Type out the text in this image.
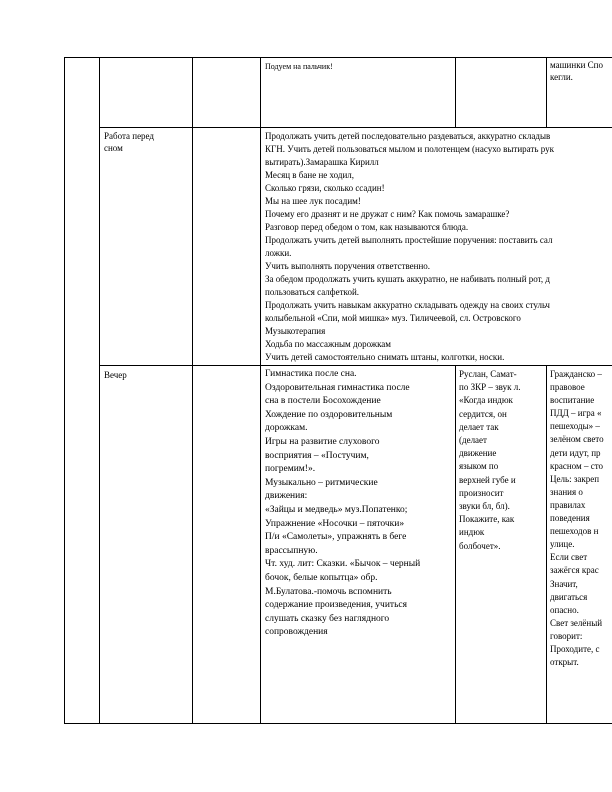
Подуем на пальчик!	машинки Спо
кегли.
Работа перед
сном
Продолжать учить детей последовательно раздеваться, аккуратно складыв
КГН. Учить детей пользоваться мылом и полотенцем (насухо вытирать рук
вытирать).Замарашка Кирилл
Месяц в бане не ходил,
Сколько грязи, сколько ссадин!
Мы на шее лук посадим!
Почему его дразнят и не дружат с ним? Как помочь замарашке?
Разговор перед обедом о том, как называются блюда.
Продолжать учить детей выполнять простейшие поручения: поставить сал
ложки.
Учить выполнять поручения ответственно.
За обедом продолжать учить кушать аккуратно, не набивать полный рот, д
пользоваться салфеткой.
Продолжать учить навыкам аккуратно складывать одежду на своих стульч
колыбельной «Спи, мой мишка» муз. Тиличеевой, сл. Островского
Музыкотерапия
Ходьба по массажным дорожкам
Учить детей самостоятельно снимать штаны, колготки, носки.
Вечер	Гимнастика после сна.
Оздоровительная гимнастика после
сна в постели Босохождение
Хождение по оздоровительным
дорожкам.
Игры на развитие слухового
восприятия – «Постучим,
погремим!».
Музыкально – ритмические
движения:
«Зайцы и медведь» муз.Попатенко;
Упражнение «Носочки – пяточки»
П/и «Самолеты», упражнять в беге
врассыпную.
Чт. худ. лит: Сказки. «Бычок – черный
бочок, белые копытца» обр.
М.Булатова.-помочь вспомнить
содержание произведения, учиться
слушать сказку без наглядного
сопровождения
Руслан, Самат-
по ЗКР – звук л.
«Когда индюк
сердится, он
делает так
(делает
движение
языком по
верхней губе и
произносит
звуки бл, бл).
Покажите, как
индюк
болбочет».
Гражданско –
правовое
воспитание
ПДД – игра «
пешеходы» –
зелёном свето
дети идут, пр
красном – сто
Цель: закреп
знания о
правилах
поведения
пешеходов н
улице.
Если свет
зажёгся крас
Значит,
двигаться
опасно.
Свет зелёный
говорит:
Проходите, с
открыт.
